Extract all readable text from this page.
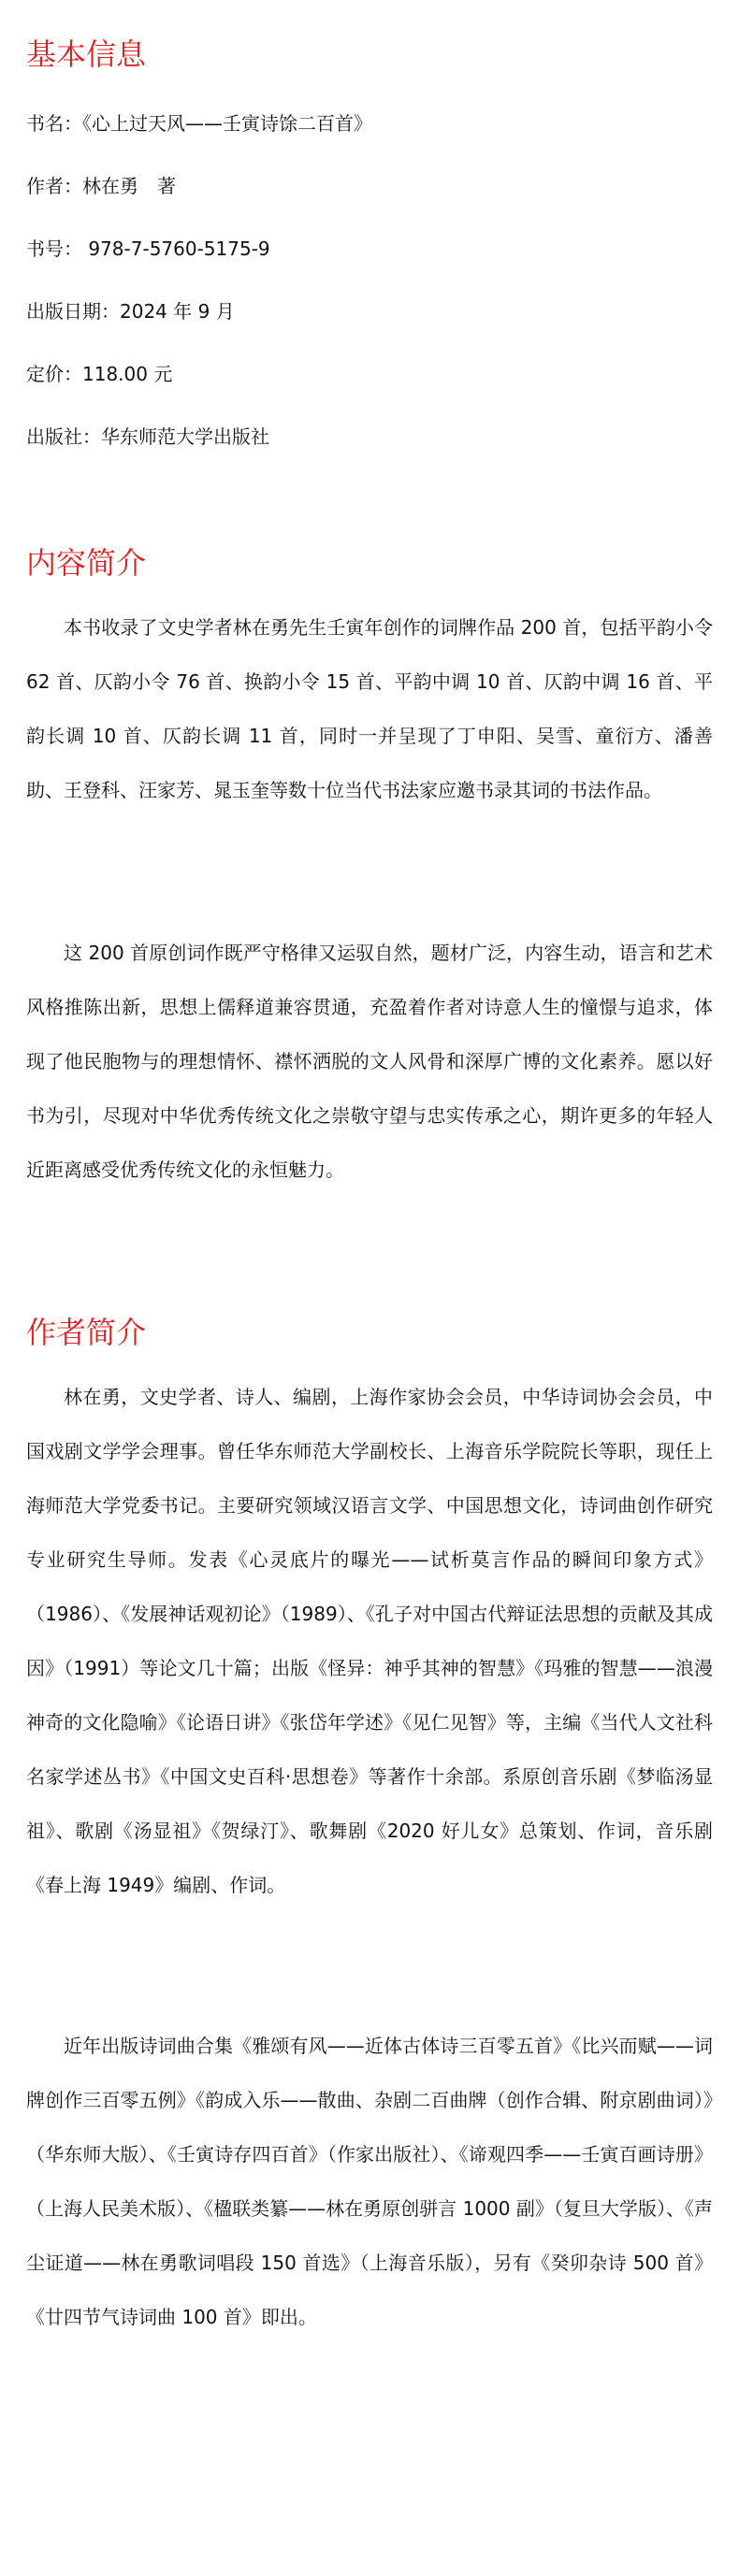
基本信息

书名：《心上过天风——壬寅诗馀二百首》

作者：林在勇　著

书号： 978-7-5760-5175-9

出版日期：2024 年 9 月

定价：118.00 元

出版社：华东师范大学出版社

内容简介

本书收录了文史学者林在勇先生壬寅年创作的词牌作品 200 首，包括平韵小令 62 首、仄韵小令 76 首、换韵小令 15 首、平韵中调 10 首、仄韵中调 16 首、平韵长调 10 首、仄韵长调 11 首，同时一并呈现了丁申阳、吴雪、童衍方、潘善助、王登科、汪家芳、晁玉奎等数十位当代书法家应邀书录其词的书法作品。

这 200 首原创词作既严守格律又运驭自然，题材广泛，内容生动，语言和艺术风格推陈出新，思想上儒释道兼容贯通，充盈着作者对诗意人生的憧憬与追求，体现了他民胞物与的理想情怀、襟怀洒脱的文人风骨和深厚广博的文化素养。愿以好书为引，尽现对中华优秀传统文化之崇敬守望与忠实传承之心，期许更多的年轻人近距离感受优秀传统文化的永恒魅力。

作者简介

林在勇，文史学者、诗人、编剧，上海作家协会会员，中华诗词协会会员，中国戏剧文学学会理事。曾任华东师范大学副校长、上海音乐学院院长等职，现任上海师范大学党委书记。主要研究领域汉语言文学、中国思想文化，诗词曲创作研究专业研究生导师。发表《心灵底片的曝光——试析莫言作品的瞬间印象方式》（1986）、《发展神话观初论》（1989）、《孔子对中国古代辩证法思想的贡献及其成因》（1991）等论文几十篇；出版《怪异：神乎其神的智慧》《玛雅的智慧——浪漫神奇的文化隐喻》《论语日讲》《张岱年学述》《见仁见智》等，主编《当代人文社科名家学述丛书》《中国文史百科·思想卷》等著作十余部。系原创音乐剧《梦临汤显祖》、歌剧《汤显祖》《贺绿汀》、歌舞剧《2020 好儿女》总策划、作词，音乐剧《春上海 1949》编剧、作词。

近年出版诗词曲合集《雅颂有风——近体古体诗三百零五首》《比兴而赋——词牌创作三百零五例》《韵成入乐——散曲、杂剧二百曲牌（创作合辑、附京剧曲词）》（华东师大版）、《壬寅诗存四百首》（作家出版社）、《谛观四季——壬寅百画诗册》（上海人民美术版）、《楹联类纂——林在勇原创骈言 1000 副》（复旦大学版）、《声尘证道——林在勇歌词唱段 150 首选》（上海音乐版），另有《癸卯杂诗 500 首》《廿四节气诗词曲 100 首》即出。
